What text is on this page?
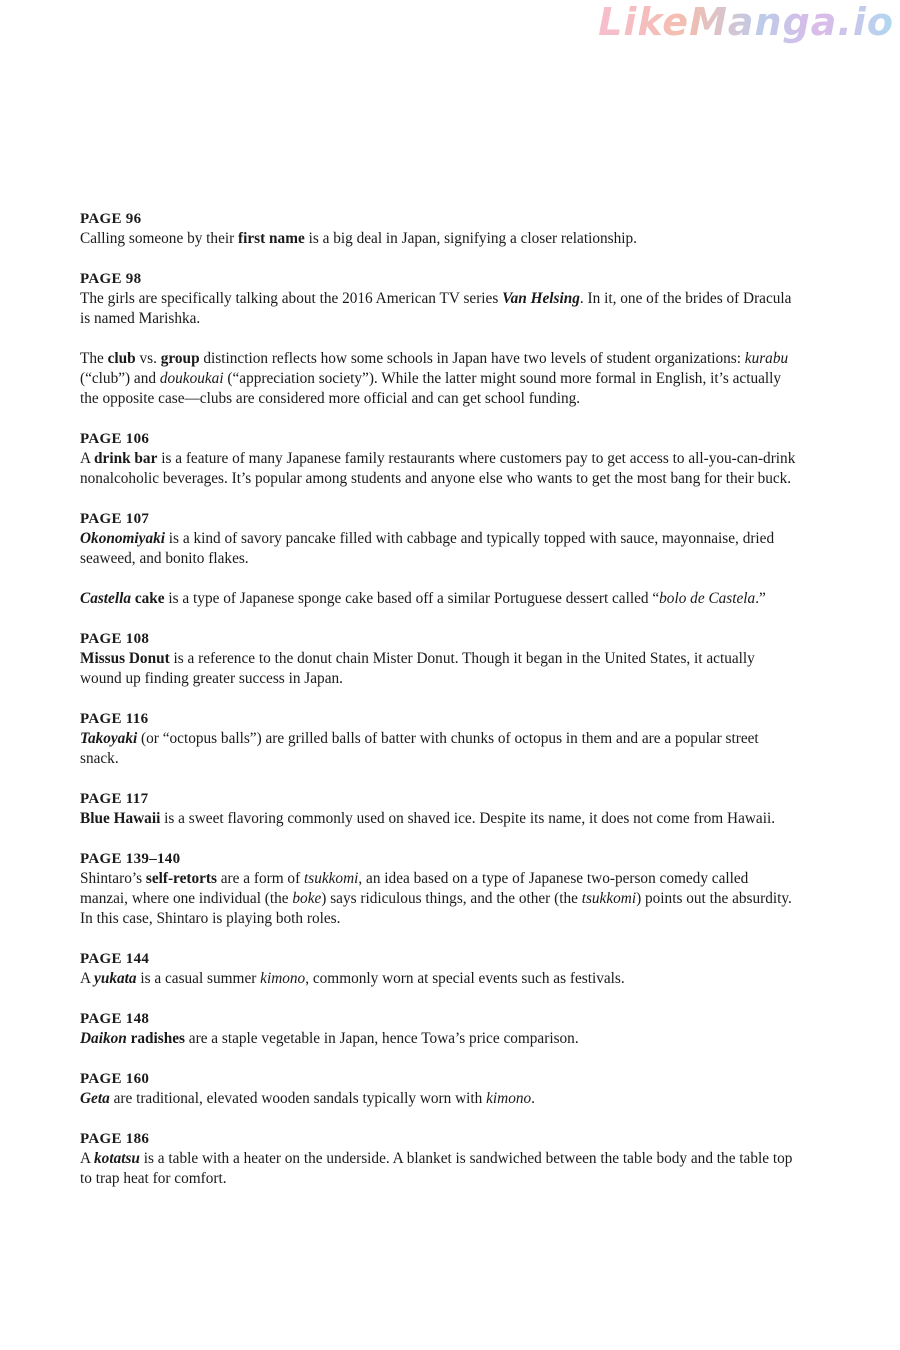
LikeManga.io
PAGE 96

Calling someone by their first name is a big deal in Japan, signifying a closer relationship.

PAGE 98

The girls are specifically talking about the 2016 American TV series Van Helsing. In it, one of the brides of Dracula is named Marishka.

The club vs. group distinction reflects how some schools in Japan have two levels of student organizations: kurabu (“club”) and doukoukai (“appreciation society”). While the latter might sound more formal in English, it’s actually the opposite case—clubs are considered more official and can get school funding.

PAGE 106

A drink bar is a feature of many Japanese family restaurants where customers pay to get access to all-you-can-drink nonalcoholic beverages. It’s popular among students and anyone else who wants to get the most bang for their buck.

PAGE 107

Okonomiyaki is a kind of savory pancake filled with cabbage and typically topped with sauce, mayonnaise, dried seaweed, and bonito flakes.

Castella cake is a type of Japanese sponge cake based off a similar Portuguese dessert called “bolo de Castela.”

PAGE 108

Missus Donut is a reference to the donut chain Mister Donut. Though it began in the United States, it actually wound up finding greater success in Japan.

PAGE 116

Takoyaki (or “octopus balls”) are grilled balls of batter with chunks of octopus in them and are a popular street snack.

PAGE 117

Blue Hawaii is a sweet flavoring commonly used on shaved ice. Despite its name, it does not come from Hawaii.

PAGE 139–140

Shintaro’s self-retorts are a form of tsukkomi, an idea based on a type of Japanese two-person comedy called manzai, where one individual (the boke) says ridiculous things, and the other (the tsukkomi) points out the absurdity. In this case, Shintaro is playing both roles.

PAGE 144

A yukata is a casual summer kimono, commonly worn at special events such as festivals.

PAGE 148

Daikon radishes are a staple vegetable in Japan, hence Towa’s price comparison.

PAGE 160

Geta are traditional, elevated wooden sandals typically worn with kimono.

PAGE 186

A kotatsu is a table with a heater on the underside. A blanket is sandwiched between the table body and the table top to trap heat for comfort.
